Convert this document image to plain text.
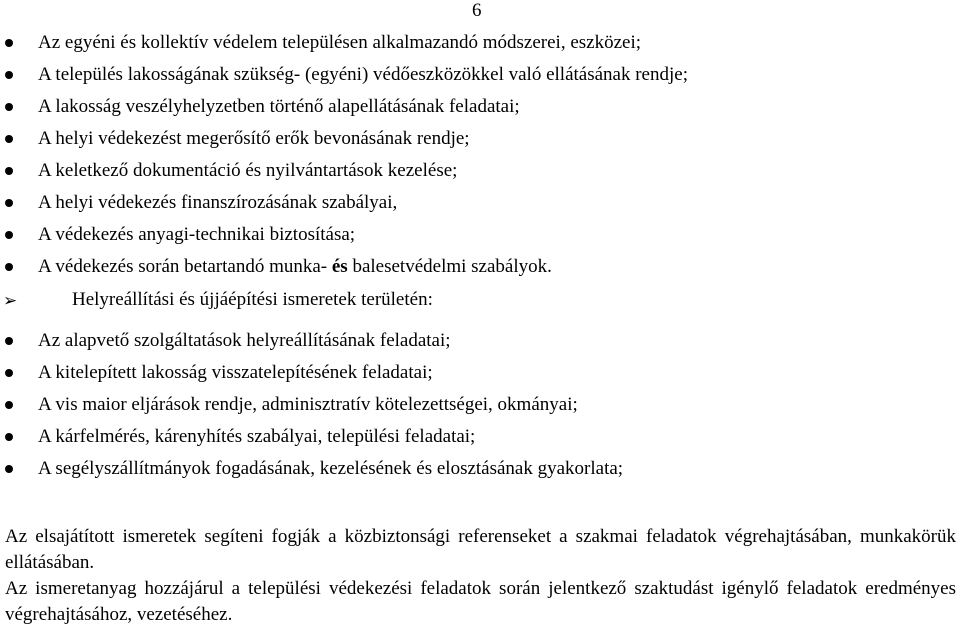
6
Az egyéni és kollektív védelem településen alkalmazandó módszerei, eszközei;
A település lakosságának szükség- (egyéni) védőeszközökkel való ellátásának rendje;
A lakosság veszélyhelyzetben történő alapellátásának feladatai;
A helyi védekezést megerősítő erők bevonásának rendje;
A keletkező dokumentáció és nyilvántartások kezelése;
A helyi védekezés finanszírozásának szabályai,
A védekezés anyagi-technikai biztosítása;
A védekezés során betartandó munka- és balesetvédelmi szabályok.
➢	Helyreállítási és újjáépítési ismeretek területén:
Az alapvető szolgáltatások helyreállításának feladatai;
A kitelepített lakosság visszatelepítésének feladatai;
A vis maior eljárások rendje, adminisztratív kötelezettségei, okmányai;
A kárfelmérés, kárenyhítés szabályai, települési feladatai;
A segélyszállítmányok fogadásának, kezelésének és elosztásának gyakorlata;

Az elsajátított ismeretek segíteni fogják a közbiztonsági referenseket a szakmai feladatok végrehajtásában, munkakörük ellátásában.

Az ismeretanyag hozzájárul a települési védekezési feladatok során jelentkező szaktudást igénylő feladatok eredményes végrehajtásához, vezetéséhez.
